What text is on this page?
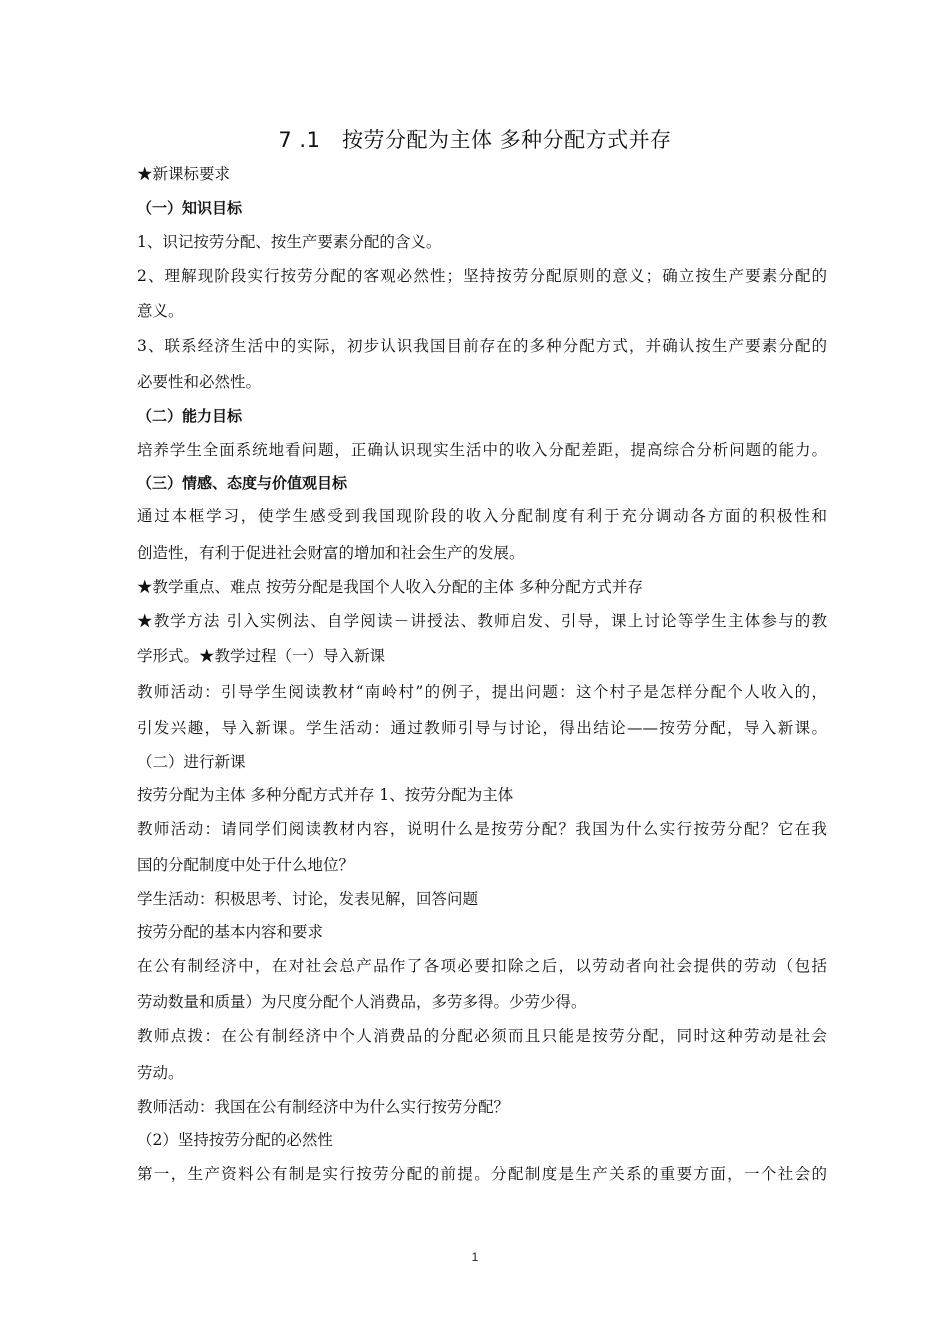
7 .1　按劳分配为主体 多种分配方式并存
★新课标要求
（一）知识目标
1、识记按劳分配、按生产要素分配的含义。
2、理解现阶段实行按劳分配的客观必然性；坚持按劳分配原则的意义；确立按生产要素分配的
意义。
3、联系经济生活中的实际，初步认识我国目前存在的多种分配方式，并确认按生产要素分配的
必要性和必然性。
（二）能力目标
培养学生全面系统地看问题，正确认识现实生活中的收入分配差距，提高综合分析问题的能力。
（三）情感、态度与价值观目标
通过本框学习，使学生感受到我国现阶段的收入分配制度有利于充分调动各方面的积极性和
创造性，有利于促进社会财富的增加和社会生产的发展。
★教学重点、难点 按劳分配是我国个人收入分配的主体 多种分配方式并存
★教学方法 引入实例法、自学阅读－讲授法、教师启发、引导，课上讨论等学生主体参与的教
学形式。★教学过程（一）导入新课
教师活动：引导学生阅读教材“南岭村”的例子，提出问题：这个村子是怎样分配个人收入的，
引发兴趣，导入新课。学生活动：通过教师引导与讨论，得出结论——按劳分配，导入新课。
（二）进行新课
按劳分配为主体 多种分配方式并存 1、按劳分配为主体
教师活动：请同学们阅读教材内容，说明什么是按劳分配？我国为什么实行按劳分配？它在我
国的分配制度中处于什么地位？
学生活动：积极思考、讨论，发表见解，回答问题
按劳分配的基本内容和要求
在公有制经济中，在对社会总产品作了各项必要扣除之后，以劳动者向社会提供的劳动（包括
劳动数量和质量）为尺度分配个人消费品，多劳多得。少劳少得。
教师点拨：在公有制经济中个人消费品的分配必须而且只能是按劳分配，同时这种劳动是社会
劳动。
教师活动：我国在公有制经济中为什么实行按劳分配？
（2）坚持按劳分配的必然性
第一，生产资料公有制是实行按劳分配的前提。分配制度是生产关系的重要方面，一个社会的
1
